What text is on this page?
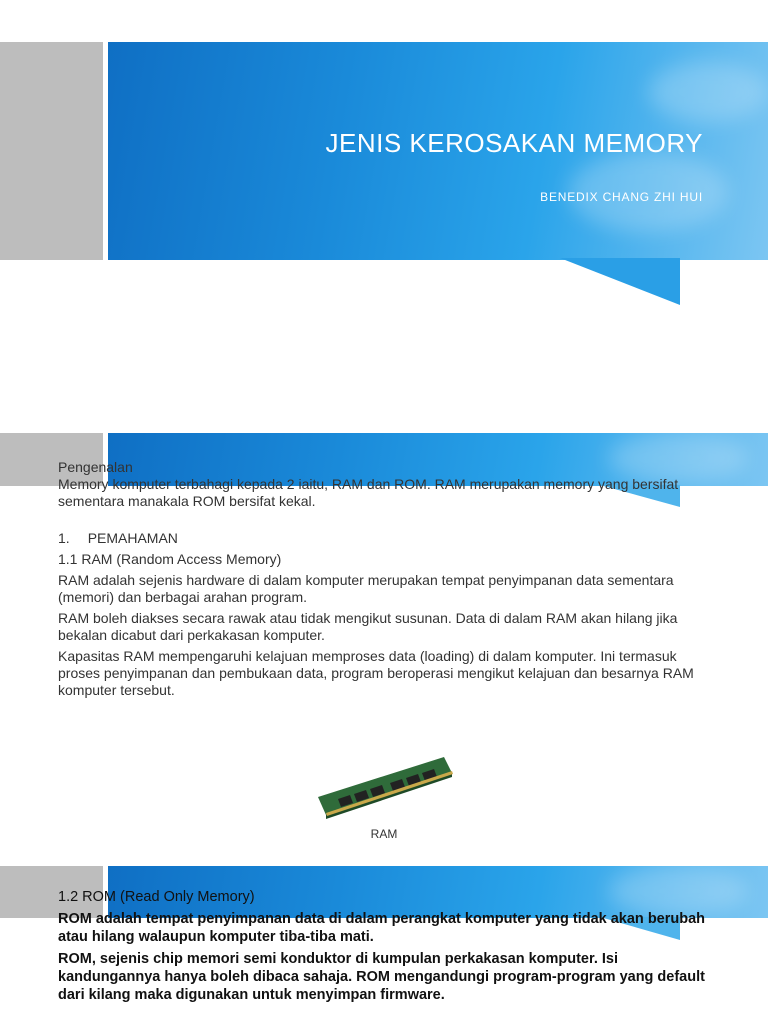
JENIS KEROSAKAN MEMORY
BENEDIX CHANG ZHI HUI

Pengenalan

Memory komputer terbahagi kepada 2 iaitu, RAM dan ROM. RAM merupakan memory yang bersifat sementara manakala ROM bersifat kekal.

1. PEMAHAMAN

1.1 RAM (Random Access Memory)

RAM adalah sejenis hardware di dalam komputer merupakan tempat penyimpanan data sementara (memori) dan berbagai arahan program.

RAM boleh diakses secara rawak atau tidak mengikut susunan. Data di dalam RAM akan hilang jika bekalan dicabut dari perkakasan komputer.

Kapasitas RAM mempengaruhi kelajuan memproses data (loading) di dalam komputer. Ini termasuk proses penyimpanan dan pembukaan data, program beroperasi mengikut kelajuan dan besarnya RAM komputer tersebut.

RAM

1.2 ROM (Read Only Memory)

ROM adalah tempat penyimpanan data di dalam perangkat komputer yang tidak akan berubah atau hilang walaupun komputer tiba-tiba mati.

ROM, sejenis chip memori semi konduktor di kumpulan perkakasan komputer. Isi kandungannya hanya boleh dibaca sahaja. ROM mengandungi program-program yang default dari kilang maka digunakan untuk menyimpan firmware.
